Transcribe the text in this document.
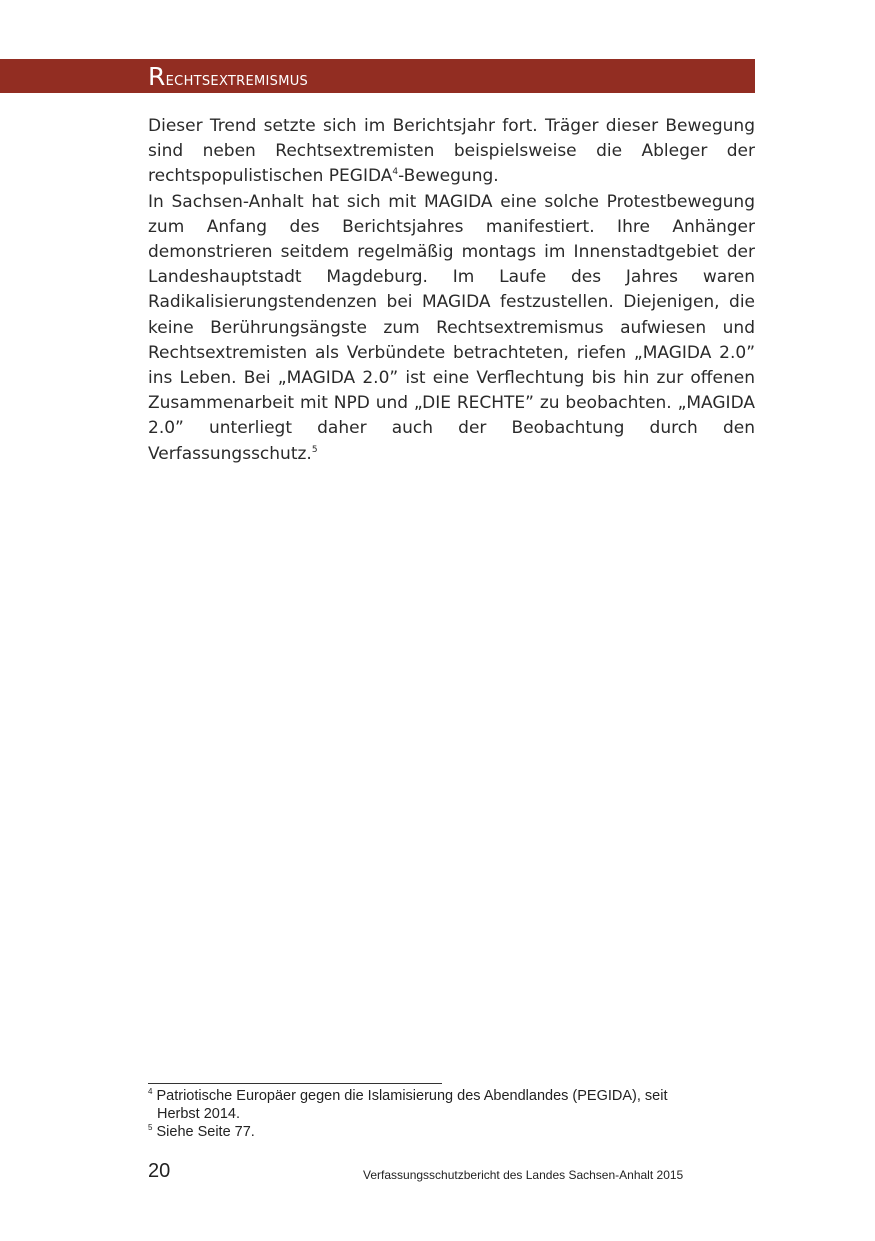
Rechtsextremismus

Dieser Trend setzte sich im Berichtsjahr fort. Träger dieser Bewegung sind neben Rechtsextremisten beispielsweise die Ableger der rechtspopulistischen PEGIDA$^4$-Bewegung.

In Sachsen-Anhalt hat sich mit MAGIDA eine solche Protestbewegung zum Anfang des Berichtsjahres manifestiert. Ihre Anhänger demonstrieren seitdem regelmäßig montags im Innenstadtgebiet der Landeshauptstadt Magdeburg. Im Laufe des Jahres waren Radikalisierungstendenzen bei MAGIDA festzustellen. Diejenigen, die keine Berührungsängste zum Rechtsextremismus aufwiesen und Rechtsextremisten als Verbündete betrachteten, riefen „MAGIDA 2.0” ins Leben. Bei „MAGIDA 2.0” ist eine Verflechtung bis hin zur offenen Zusammenarbeit mit NPD und „DIE RECHTE” zu beobachten. „MAGIDA 2.0” unterliegt daher auch der Beobachtung durch den Verfassungsschutz.$^5$

$^4$ Patriotische Europäer gegen die Islamisierung des Abendlandes (PEGIDA), seit Herbst 2014.

$^5$ Siehe Seite 77.

20	Verfassungsschutzbericht des Landes Sachsen-Anhalt 2015
